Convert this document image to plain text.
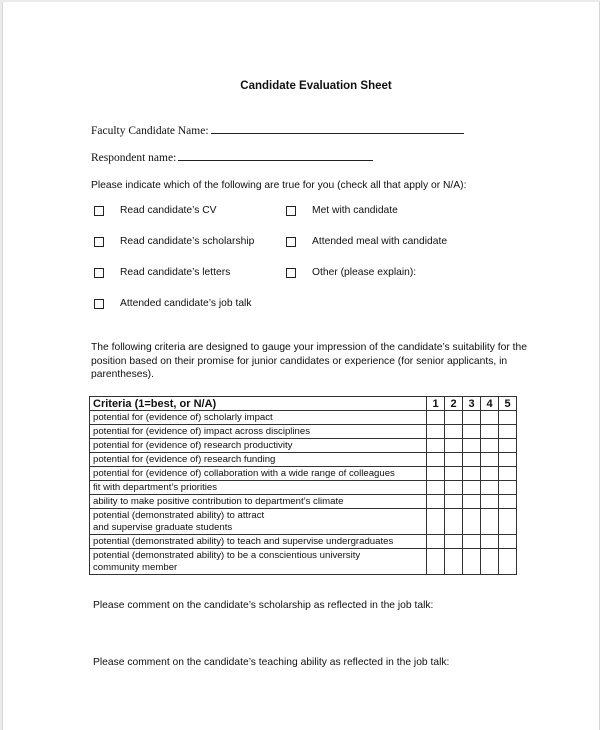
Candidate Evaluation Sheet
Faculty Candidate Name:
Respondent name:
Please indicate which of the following are true for you (check all that apply or N/A):
Read candidate’s CV
Read candidate’s scholarship
Read candidate’s letters
Attended candidate’s job talk
Met with candidate
Attended meal with candidate
Other (please explain):
The following criteria are designed to gauge your impression of the candidate’s suitability for the position based on their promise for junior candidates or experience (for senior applicants, in parentheses).
Criteria (1=best, or N/A)	1	2	3	4	5
potential for (evidence of) scholarly impact					
potential for (evidence of) impact across disciplines					
potential for (evidence of) research productivity					
potential for (evidence of) research funding					
potential for (evidence of) collaboration with a wide range of colleagues					
fit with department’s priorities					
ability to make positive contribution to department’s climate					
potential (demonstrated ability) to attract and supervise graduate students					
potential (demonstrated ability) to teach and supervise undergraduates					
potential (demonstrated ability) to be a conscientious university community member					
Please comment on the candidate’s scholarship as reflected in the job talk:
Please comment on the candidate’s teaching ability as reflected in the job talk:
